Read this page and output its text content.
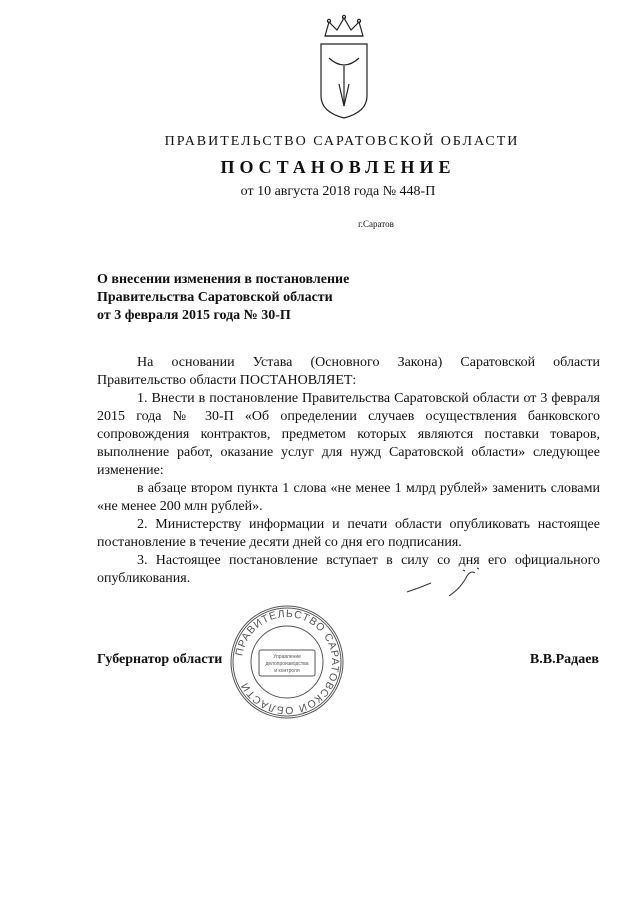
ПРАВИТЕЛЬСТВО САРАТОВСКОЙ ОБЛАСТИ
ПОСТАНОВЛЕНИЕ
от 10 августа 2018 года № 448-П
г.Саратов
О внесении изменения в постановление
Правительства Саратовской области
от 3 февраля 2015 года № 30-П

На основании Устава (Основного Закона) Саратовской области Правительство области ПОСТАНОВЛЯЕТ:

1. Внести в постановление Правительства Саратовской области от 3 февраля 2015 года № 30-П «Об определении случаев осуществления банковского сопровождения контрактов, предметом которых являются поставки товаров, выполнение работ, оказание услуг для нужд Саратовской области» следующее изменение:

в абзаце втором пункта 1 слова «не менее 1 млрд рублей» заменить словами «не менее 200 млн рублей».

2. Министерству информации и печати области опубликовать настоящее постановление в течение десяти дней со дня его подписания.

3. Настоящее постановление вступает в силу со дня его официального опубликования.

Губернатор области	В.В.Радаев
ПРАВИТЕЛЬСТВО САРАТОВСКОЙ ОБЛАСТИ
Управление
делопроизводства
и контроля
